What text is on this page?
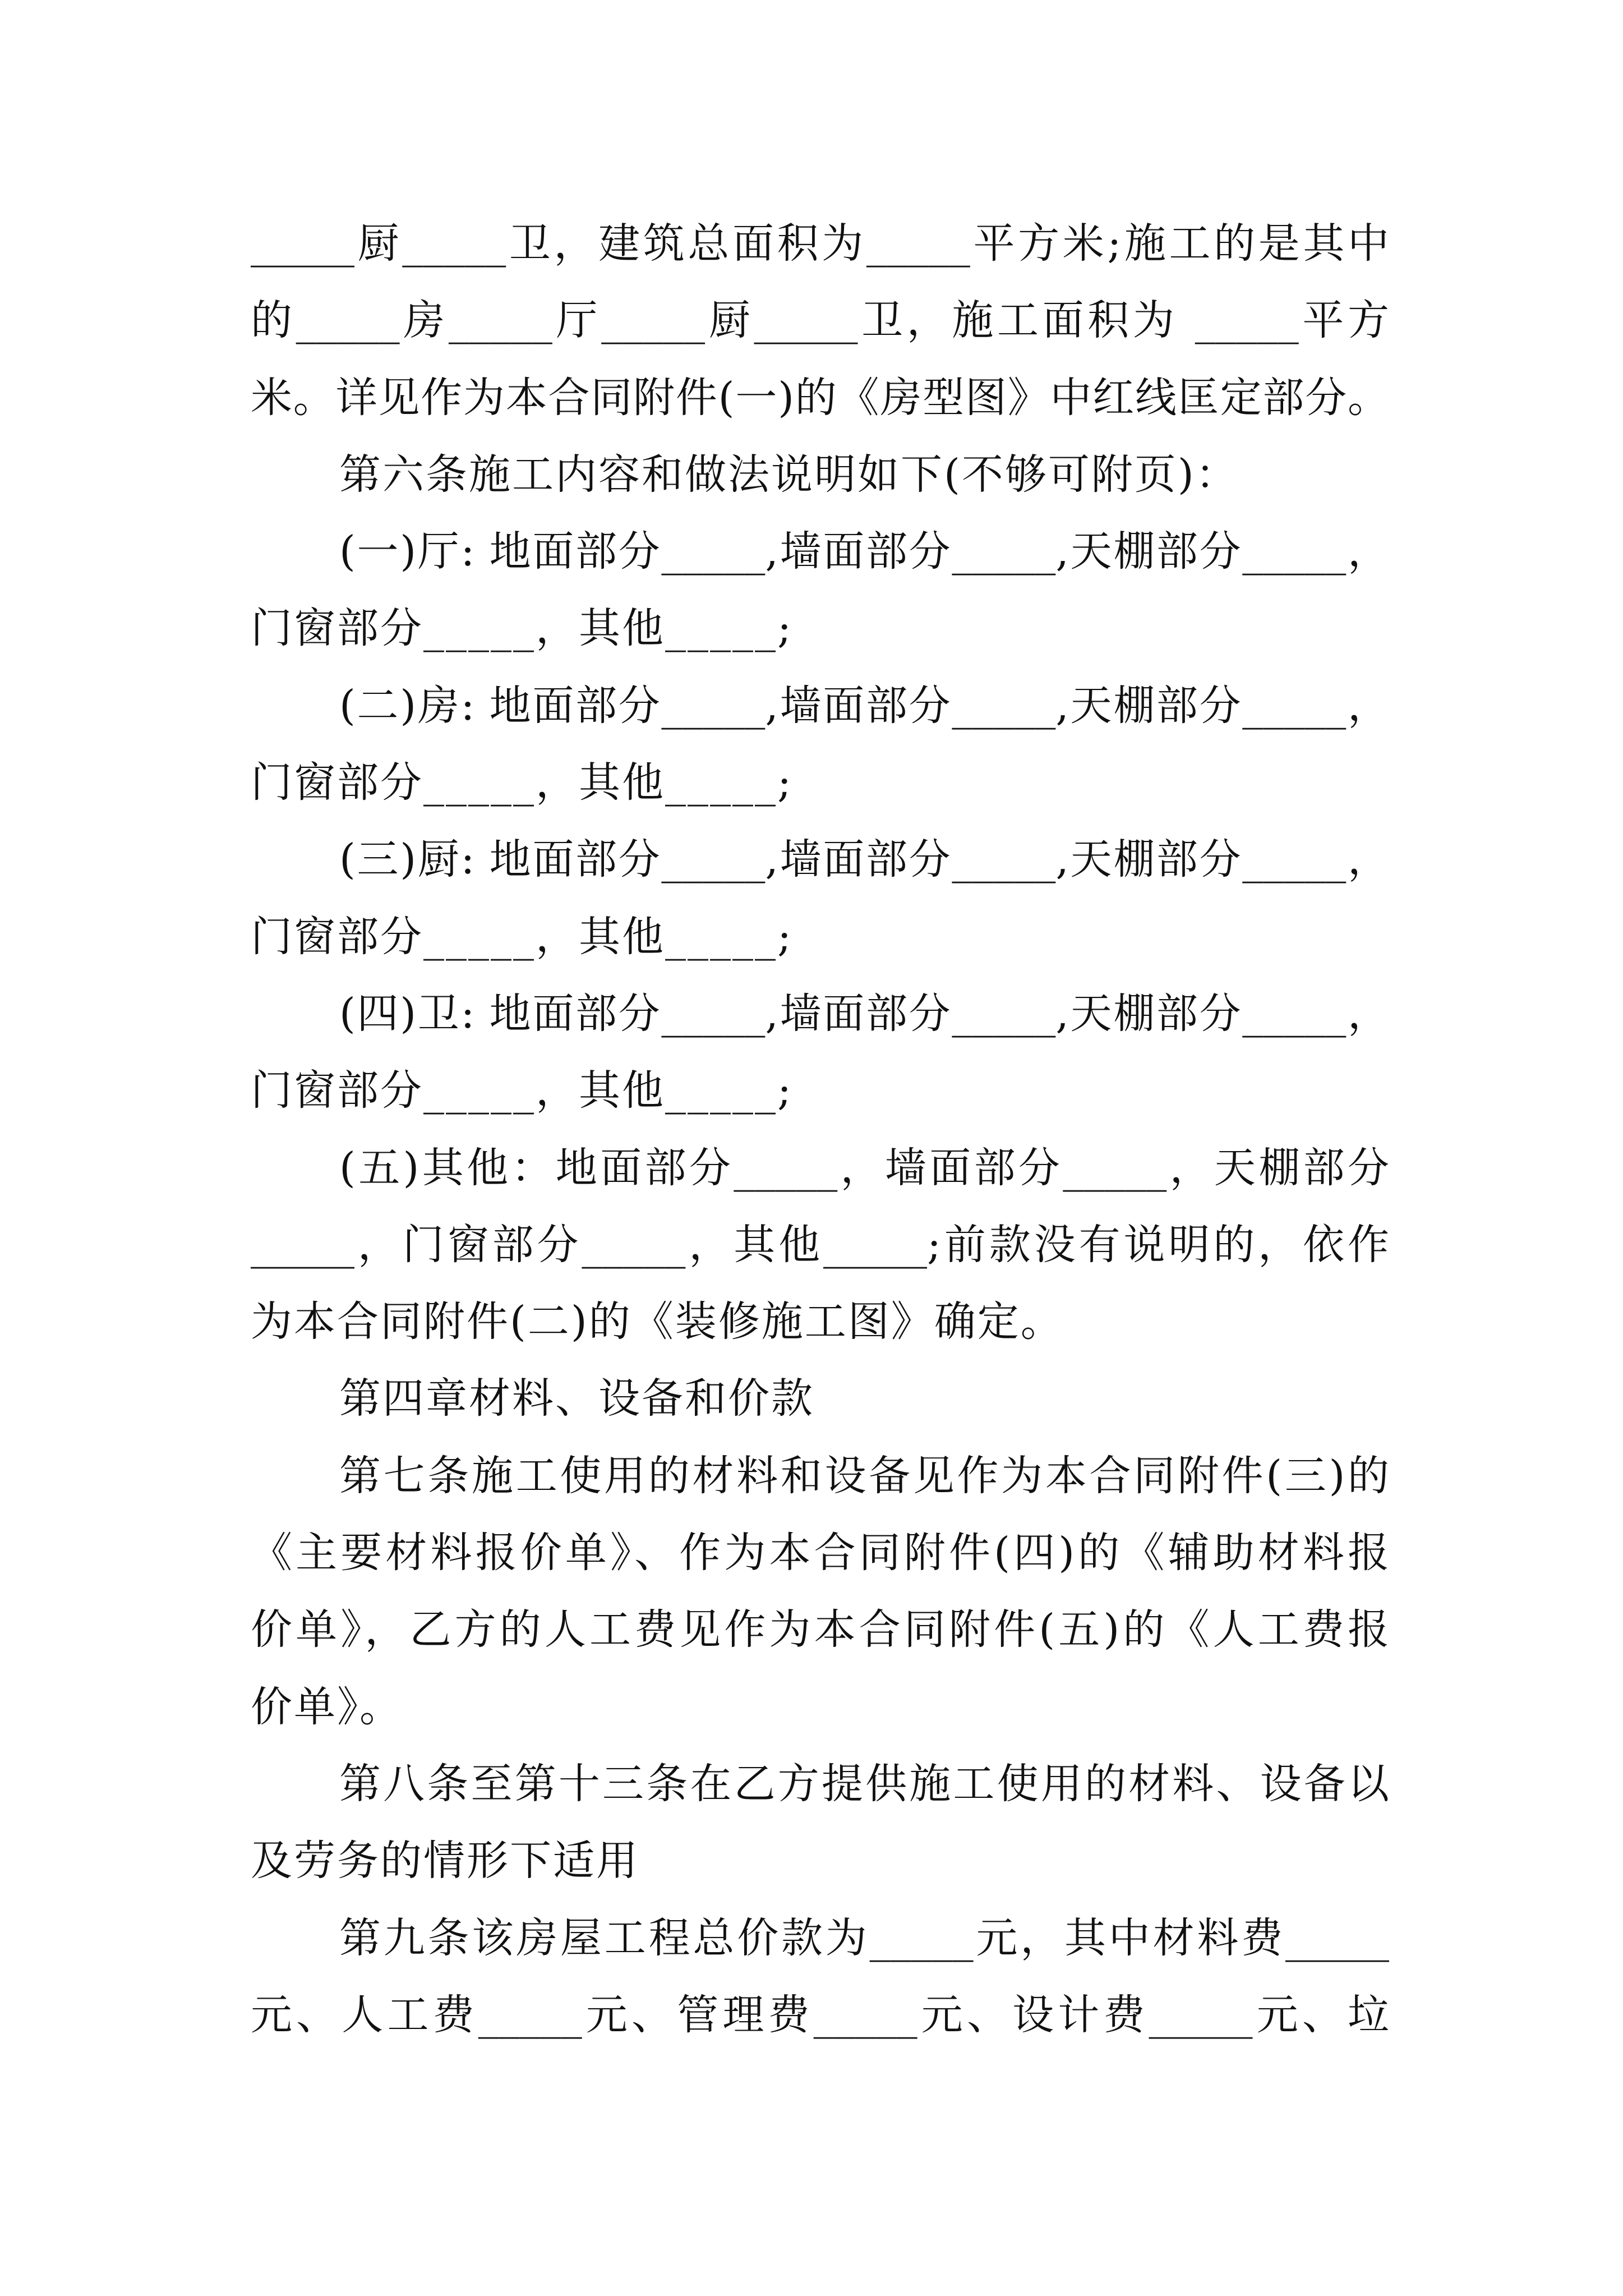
_____厨_____卫，建筑总面积为_____平方米;施工的是其中
的_____房_____厅_____厨_____卫，施工面积为 _____平方
米。详见作为本合同附件(一)的《房型图》中红线匡定部分。
第六条施工内容和做法说明如下(不够可附页)：
(一)厅: 地面部分_____,墙面部分_____,天棚部分_____，
门窗部分_____，其他_____;
(二)房: 地面部分_____,墙面部分_____,天棚部分_____，
门窗部分_____，其他_____;
(三)厨: 地面部分_____,墙面部分_____,天棚部分_____，
门窗部分_____，其他_____;
(四)卫: 地面部分_____,墙面部分_____,天棚部分_____，
门窗部分_____，其他_____;
(五)其他：地面部分_____，墙面部分_____，天棚部分
_____，门窗部分_____，其他_____;前款没有说明的，依作
为本合同附件(二)的《装修施工图》确定。
第四章材料、设备和价款
第七条施工使用的材料和设备见作为本合同附件(三)的
《主要材料报价单》、作为本合同附件(四)的《辅助材料报
价单》，乙方的人工费见作为本合同附件(五)的《人工费报
价单》。
第八条至第十三条在乙方提供施工使用的材料、设备以
及劳务的情形下适用
第九条该房屋工程总价款为_____元，其中材料费_____
元、人工费_____元、管理费_____元、设计费_____元、垃
